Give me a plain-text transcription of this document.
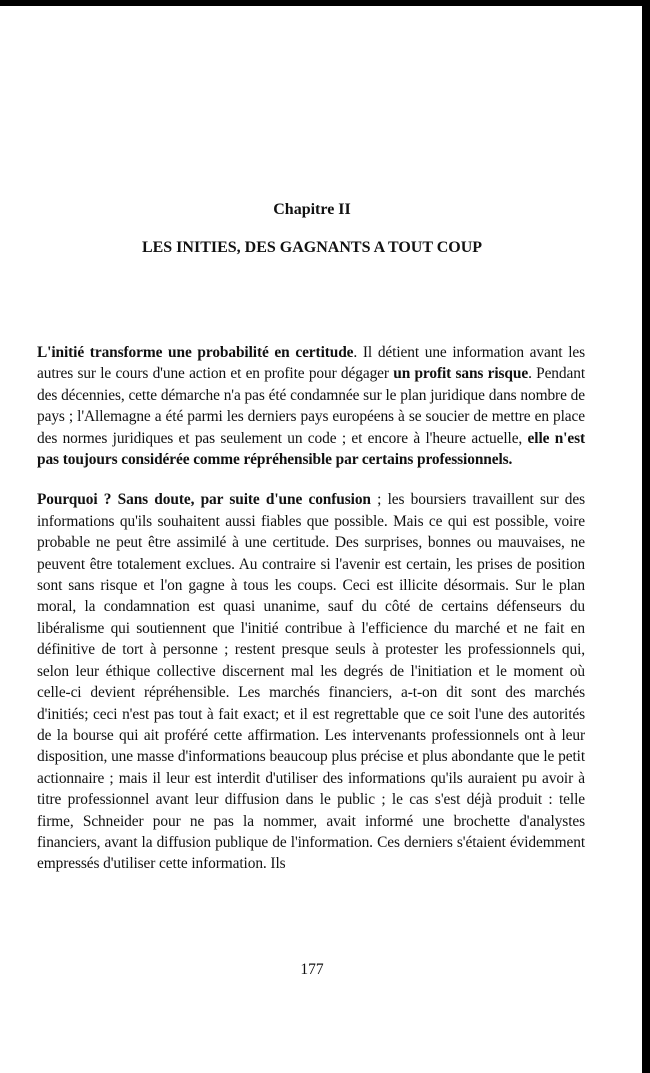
Chapitre II
LES INITIES, DES GAGNANTS A TOUT COUP

L'initié transforme une probabilité en certitude. Il détient une information avant les autres sur le cours d'une action et en profite pour dégager un profit sans risque. Pendant des décennies, cette démarche n'a pas été condamnée sur le plan juridique dans nombre de pays ; l'Allemagne a été parmi les derniers pays européens à se soucier de mettre en place des normes juridiques et pas seulement un code ; et encore à l'heure actuelle, elle n'est pas toujours considérée comme répréhensible par certains professionnels.

Pourquoi ? Sans doute, par suite d'une confusion ; les boursiers travaillent sur des informations qu'ils souhaitent aussi fiables que possible. Mais ce qui est possible, voire probable ne peut être assimilé à une certitude. Des surprises, bonnes ou mauvaises, ne peuvent être totalement exclues. Au contraire si l'avenir est certain, les prises de position sont sans risque et l'on gagne à tous les coups. Ceci est illicite désormais. Sur le plan moral, la condamnation est quasi unanime, sauf du côté de certains défenseurs du libéralisme qui soutiennent que l'initié contribue à l'efficience du marché et ne fait en définitive de tort à personne ; restent presque seuls à protester les professionnels qui, selon leur éthique collective discernent mal les degrés de l'initiation et le moment où celle-ci devient répréhensible. Les marchés financiers, a-t-on dit sont des marchés d'initiés; ceci n'est pas tout à fait exact; et il est regrettable que ce soit l'une des autorités de la bourse qui ait proféré cette affirmation. Les intervenants professionnels ont à leur disposition, une masse d'informations beaucoup plus précise et plus abondante que le petit actionnaire ; mais il leur est interdit d'utiliser des informations qu'ils auraient pu avoir à titre professionnel avant leur diffusion dans le public ; le cas s'est déjà produit : telle firme, Schneider pour ne pas la nommer, avait informé une brochette d'analystes financiers, avant la diffusion publique de l'information. Ces derniers s'étaient évidemment empressés d'utiliser cette information. Ils

177
